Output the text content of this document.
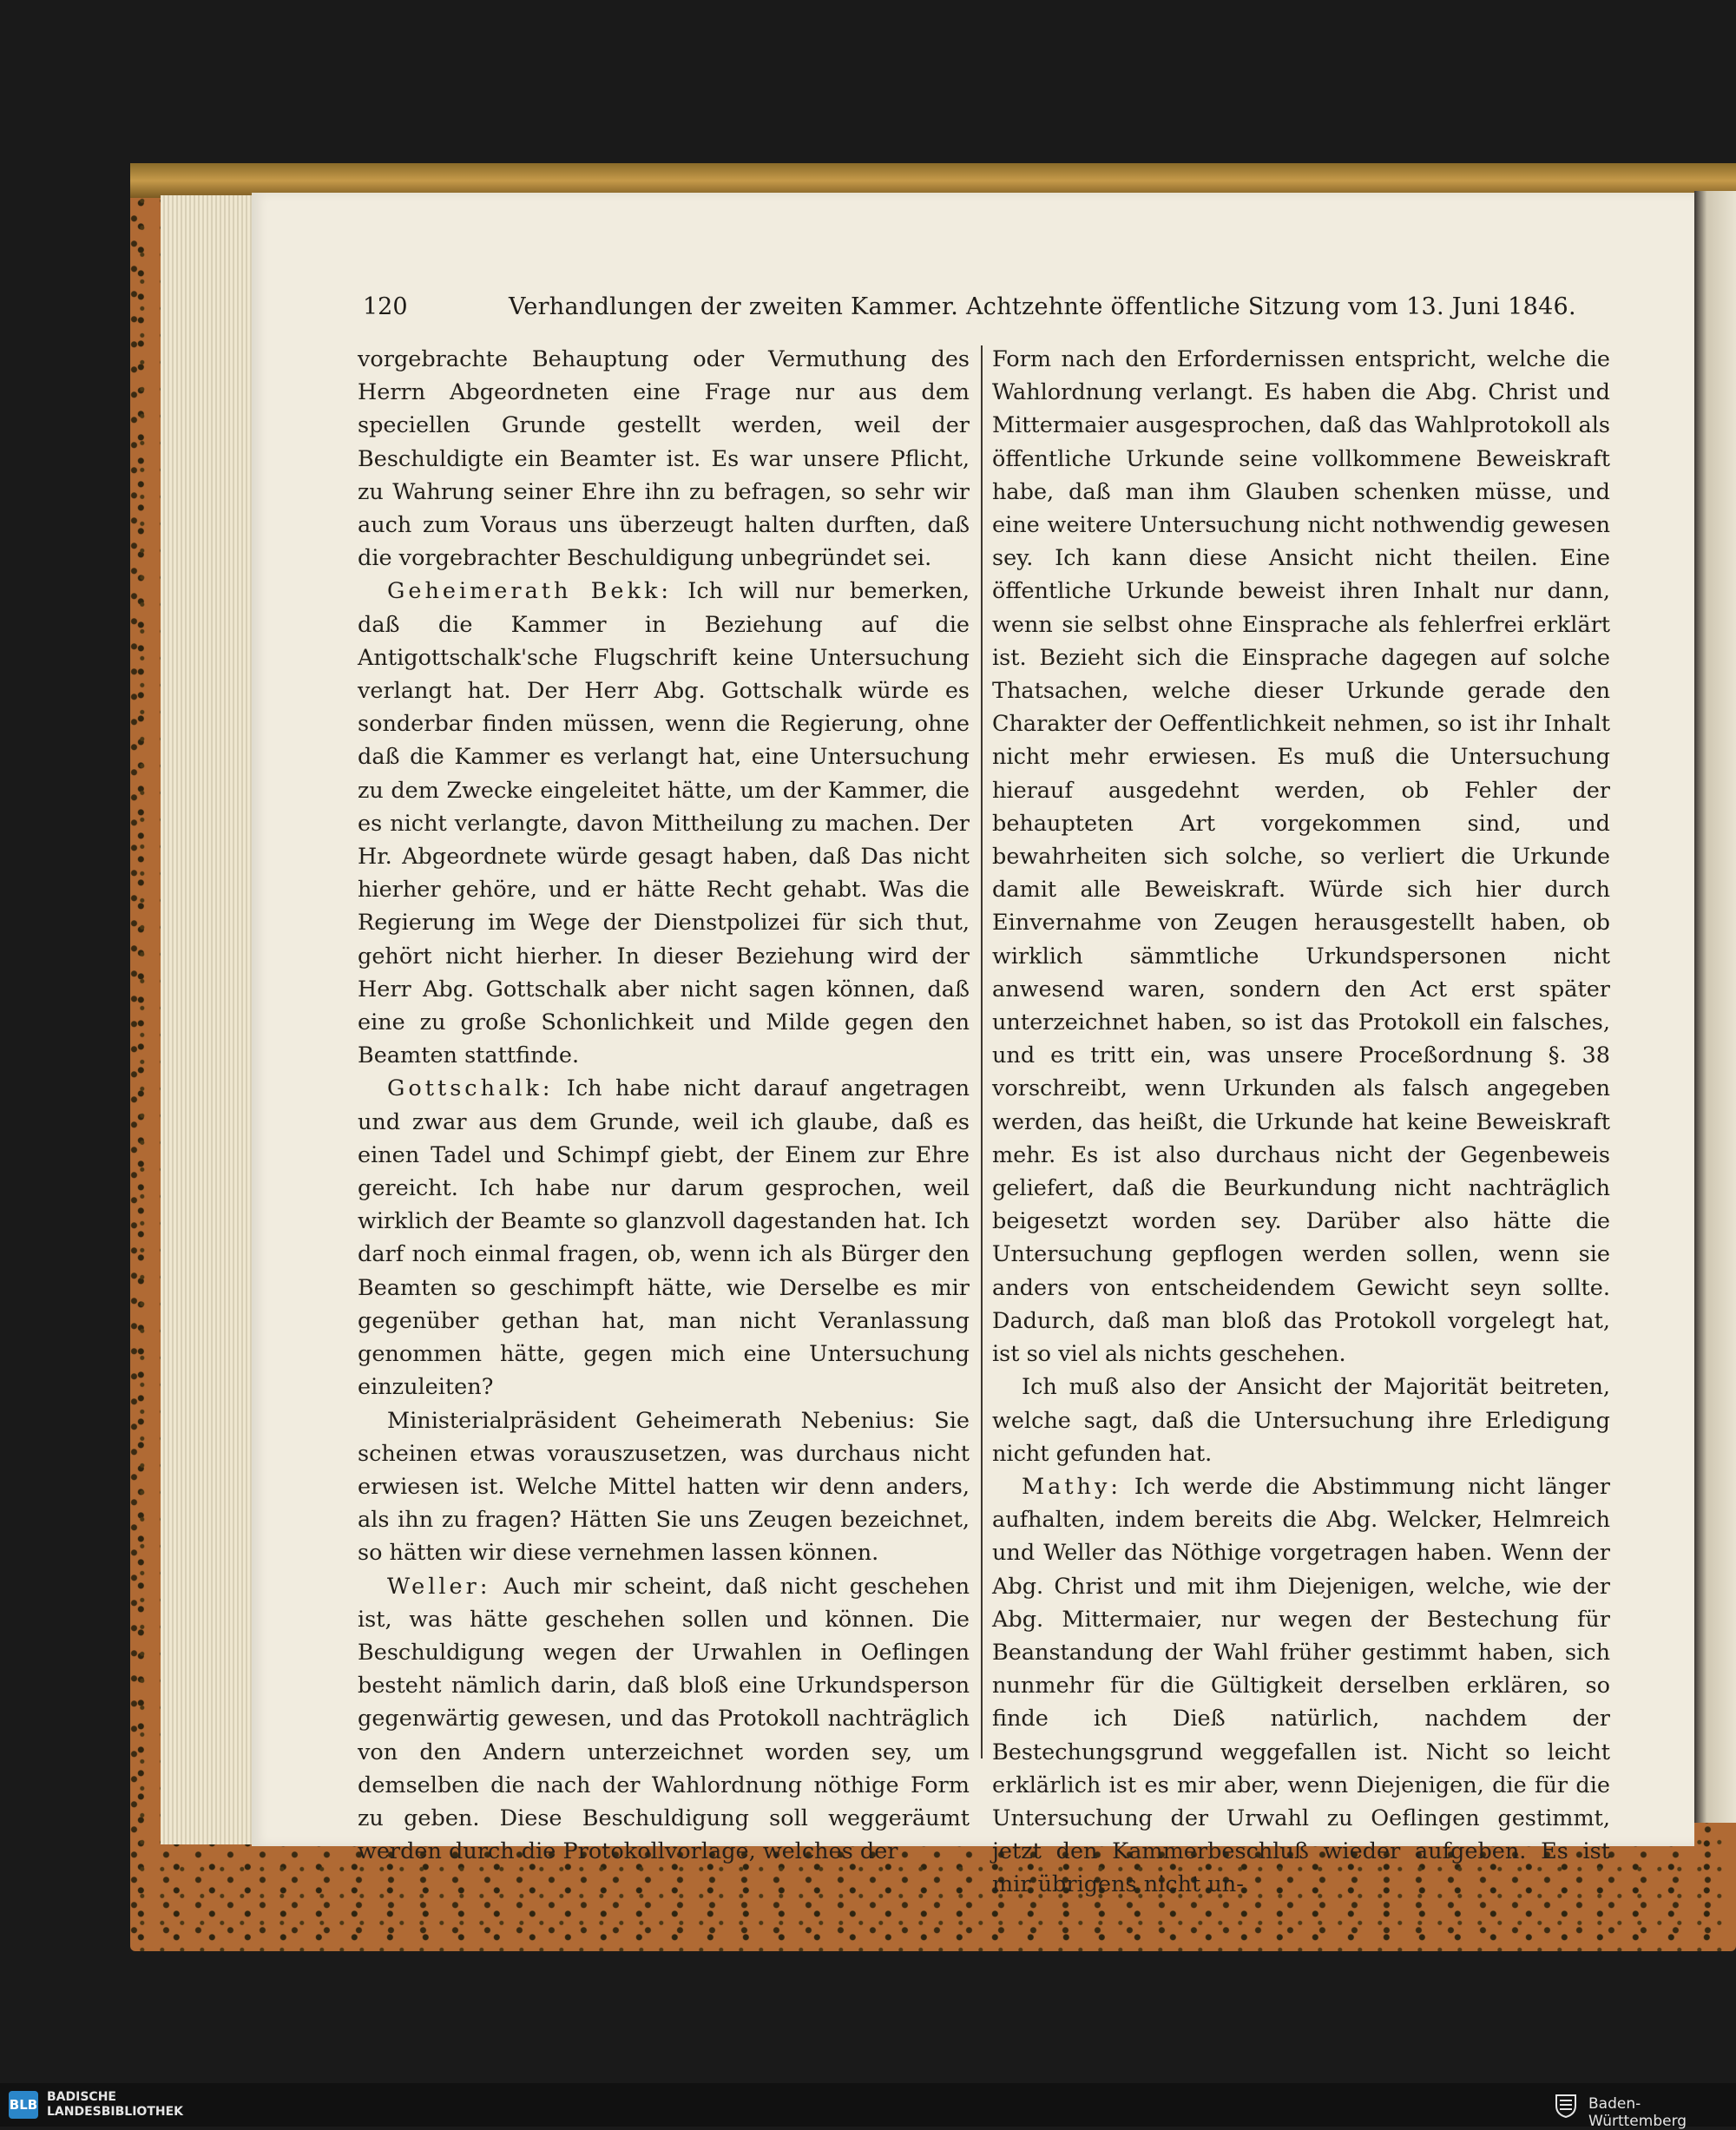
120	Verhandlungen der zweiten Kammer. Achtzehnte öffentliche Sitzung vom 13. Juni 1846.

vorgebrachte Behauptung oder Vermuthung des Herrn Abgeordneten eine Frage nur aus dem speciellen Grunde gestellt werden, weil der Beschuldigte ein Beamter ist. Es war unsere Pflicht, zu Wahrung seiner Ehre ihn zu befragen, so sehr wir auch zum Voraus uns überzeugt halten durften, daß die vorgebrachter Beschuldigung unbegründet sei.

Geheimerath Bekk: Ich will nur bemerken, daß die Kammer in Beziehung auf die Antigottschalk'sche Flugschrift keine Untersuchung verlangt hat. Der Herr Abg. Gottschalk würde es sonderbar finden müssen, wenn die Regierung, ohne daß die Kammer es verlangt hat, eine Untersuchung zu dem Zwecke eingeleitet hätte, um der Kammer, die es nicht verlangte, davon Mittheilung zu machen. Der Hr. Abgeordnete würde gesagt haben, daß Das nicht hierher gehöre, und er hätte Recht gehabt. Was die Regierung im Wege der Dienstpolizei für sich thut, gehört nicht hierher. In dieser Beziehung wird der Herr Abg. Gottschalk aber nicht sagen können, daß eine zu große Schonlichkeit und Milde gegen den Beamten stattfinde.

Gottschalk: Ich habe nicht darauf angetragen und zwar aus dem Grunde, weil ich glaube, daß es einen Tadel und Schimpf giebt, der Einem zur Ehre gereicht. Ich habe nur darum gesprochen, weil wirklich der Beamte so glanzvoll dagestanden hat. Ich darf noch einmal fragen, ob, wenn ich als Bürger den Beamten so geschimpft hätte, wie Derselbe es mir gegenüber gethan hat, man nicht Veranlassung genommen hätte, gegen mich eine Untersuchung einzuleiten?

Ministerialpräsident Geheimerath Nebenius: Sie scheinen etwas vorauszusetzen, was durchaus nicht erwiesen ist. Welche Mittel hatten wir denn anders, als ihn zu fragen? Hätten Sie uns Zeugen bezeichnet, so hätten wir diese vernehmen lassen können.

Weller: Auch mir scheint, daß nicht geschehen ist, was hätte geschehen sollen und können. Die Beschuldigung wegen der Urwahlen in Oeflingen besteht nämlich darin, daß bloß eine Urkundsperson gegenwärtig gewesen, und das Protokoll nachträglich von den Andern unterzeichnet worden sey, um demselben die nach der Wahlordnung nöthige Form zu geben. Diese Beschuldigung soll weggeräumt werden durch die Protokollvorlage, welches der

Form nach den Erfordernissen entspricht, welche die Wahlordnung verlangt. Es haben die Abg. Christ und Mittermaier ausgesprochen, daß das Wahlprotokoll als öffentliche Urkunde seine vollkommene Beweiskraft habe, daß man ihm Glauben schenken müsse, und eine weitere Untersuchung nicht nothwendig gewesen sey. Ich kann diese Ansicht nicht theilen. Eine öffentliche Urkunde beweist ihren Inhalt nur dann, wenn sie selbst ohne Einsprache als fehlerfrei erklärt ist. Bezieht sich die Einsprache dagegen auf solche Thatsachen, welche dieser Urkunde gerade den Charakter der Oeffentlichkeit nehmen, so ist ihr Inhalt nicht mehr erwiesen. Es muß die Untersuchung hierauf ausgedehnt werden, ob Fehler der behaupteten Art vorgekommen sind, und bewahrheiten sich solche, so verliert die Urkunde damit alle Beweiskraft. Würde sich hier durch Einvernahme von Zeugen herausgestellt haben, ob wirklich sämmtliche Urkundspersonen nicht anwesend waren, sondern den Act erst später unterzeichnet haben, so ist das Protokoll ein falsches, und es tritt ein, was unsere Proceßordnung §. 38 vorschreibt, wenn Urkunden als falsch angegeben werden, das heißt, die Urkunde hat keine Beweiskraft mehr. Es ist also durchaus nicht der Gegenbeweis geliefert, daß die Beurkundung nicht nachträglich beigesetzt worden sey. Darüber also hätte die Untersuchung gepflogen werden sollen, wenn sie anders von entscheidendem Gewicht seyn sollte. Dadurch, daß man bloß das Protokoll vorgelegt hat, ist so viel als nichts geschehen.

Ich muß also der Ansicht der Majorität beitreten, welche sagt, daß die Untersuchung ihre Erledigung nicht gefunden hat.

Mathy: Ich werde die Abstimmung nicht länger aufhalten, indem bereits die Abg. Welcker, Helmreich und Weller das Nöthige vorgetragen haben. Wenn der Abg. Christ und mit ihm Diejenigen, welche, wie der Abg. Mittermaier, nur wegen der Bestechung für Beanstandung der Wahl früher gestimmt haben, sich nunmehr für die Gültigkeit derselben erklären, so finde ich Dieß natürlich, nachdem der Bestechungsgrund weggefallen ist. Nicht so leicht erklärlich ist es mir aber, wenn Diejenigen, die für die Untersuchung der Urwahl zu Oeflingen gestimmt, jetzt den Kammerbeschluß wieder aufgeben. Es ist mir übrigens nicht un-

BLB BADISCHE
LANDESBIBLIOTHEK	Baden-Württemberg
